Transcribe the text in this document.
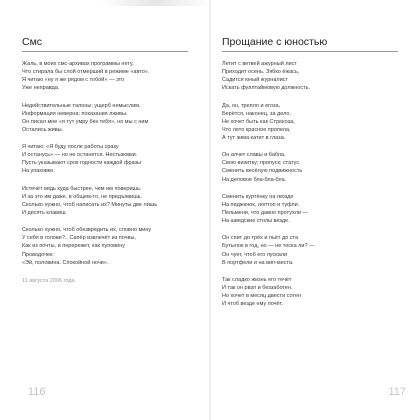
Смс
Жаль, в моих смс-архивах программы нету,
Что стирала бы слой отмерший в режиме «авто».
Я читаю «ну я же рядом с тобой» — это
Уже неправда.
Недействительные талоны; ущерб немыслим.
Информация неверна; показания лживы.
Он писал мне «я тут умру без тебя», но мы с ним
Остались живы.
Я читаю: «Я буду после работы сразу
И останусь» — но не останется. Нестыковки.
Пусть указывают срок годности каждой фразы
На упаковке.
Истечёт ведь куда быстрее, чем им поверишь.
И за это им даже, в общем-то, не предъявишь.
Сколько нужно, чтоб написать их? Минуты две лишь
И десять клавиш.
Сколько нужно, чтоб обезвредить их, словно мину
У себя в голове?.. Сапёр извлечёт из почвы,
Как из почты, и перережет, как пуповину
Проводочек:
«Эй, половина. Спокойной ночи».
11 августа 2006 года
116
Прощание с юностью
Летит с ветвей ажурный лист
Приходит осень. Зябко ёжась,
Садится юный журналист
Искать фуллтаймовую должность.
Да, он, трепло и егоза,
Берётся, наконец, за дело.
Не хочет быть как Стрекоза,
Что лето красное пропела,
А тут зима катит в глаза.
Он алчет славы и бабла.
Свою визитку; пропуск; статус.
Сменить весёлую подвижность
На деловое бла-бла-бла.
Сменить куртёнку на гвозде
На пиджачок, лоптоп и туфли.
Пельмени, что давно протухли —
На шведские столы везде.
Он спит до трёх и пьёт до ста
Бутылок в год, но — не тоска ли? —
Он чует, чтоб его пускали
В портфели и на вип-места.
Так сладко жизнь его течёт
И так он рвзл и беззаботен.
Но хочет в месяц двести сотен
И чтоб везде ему почёт.
117
